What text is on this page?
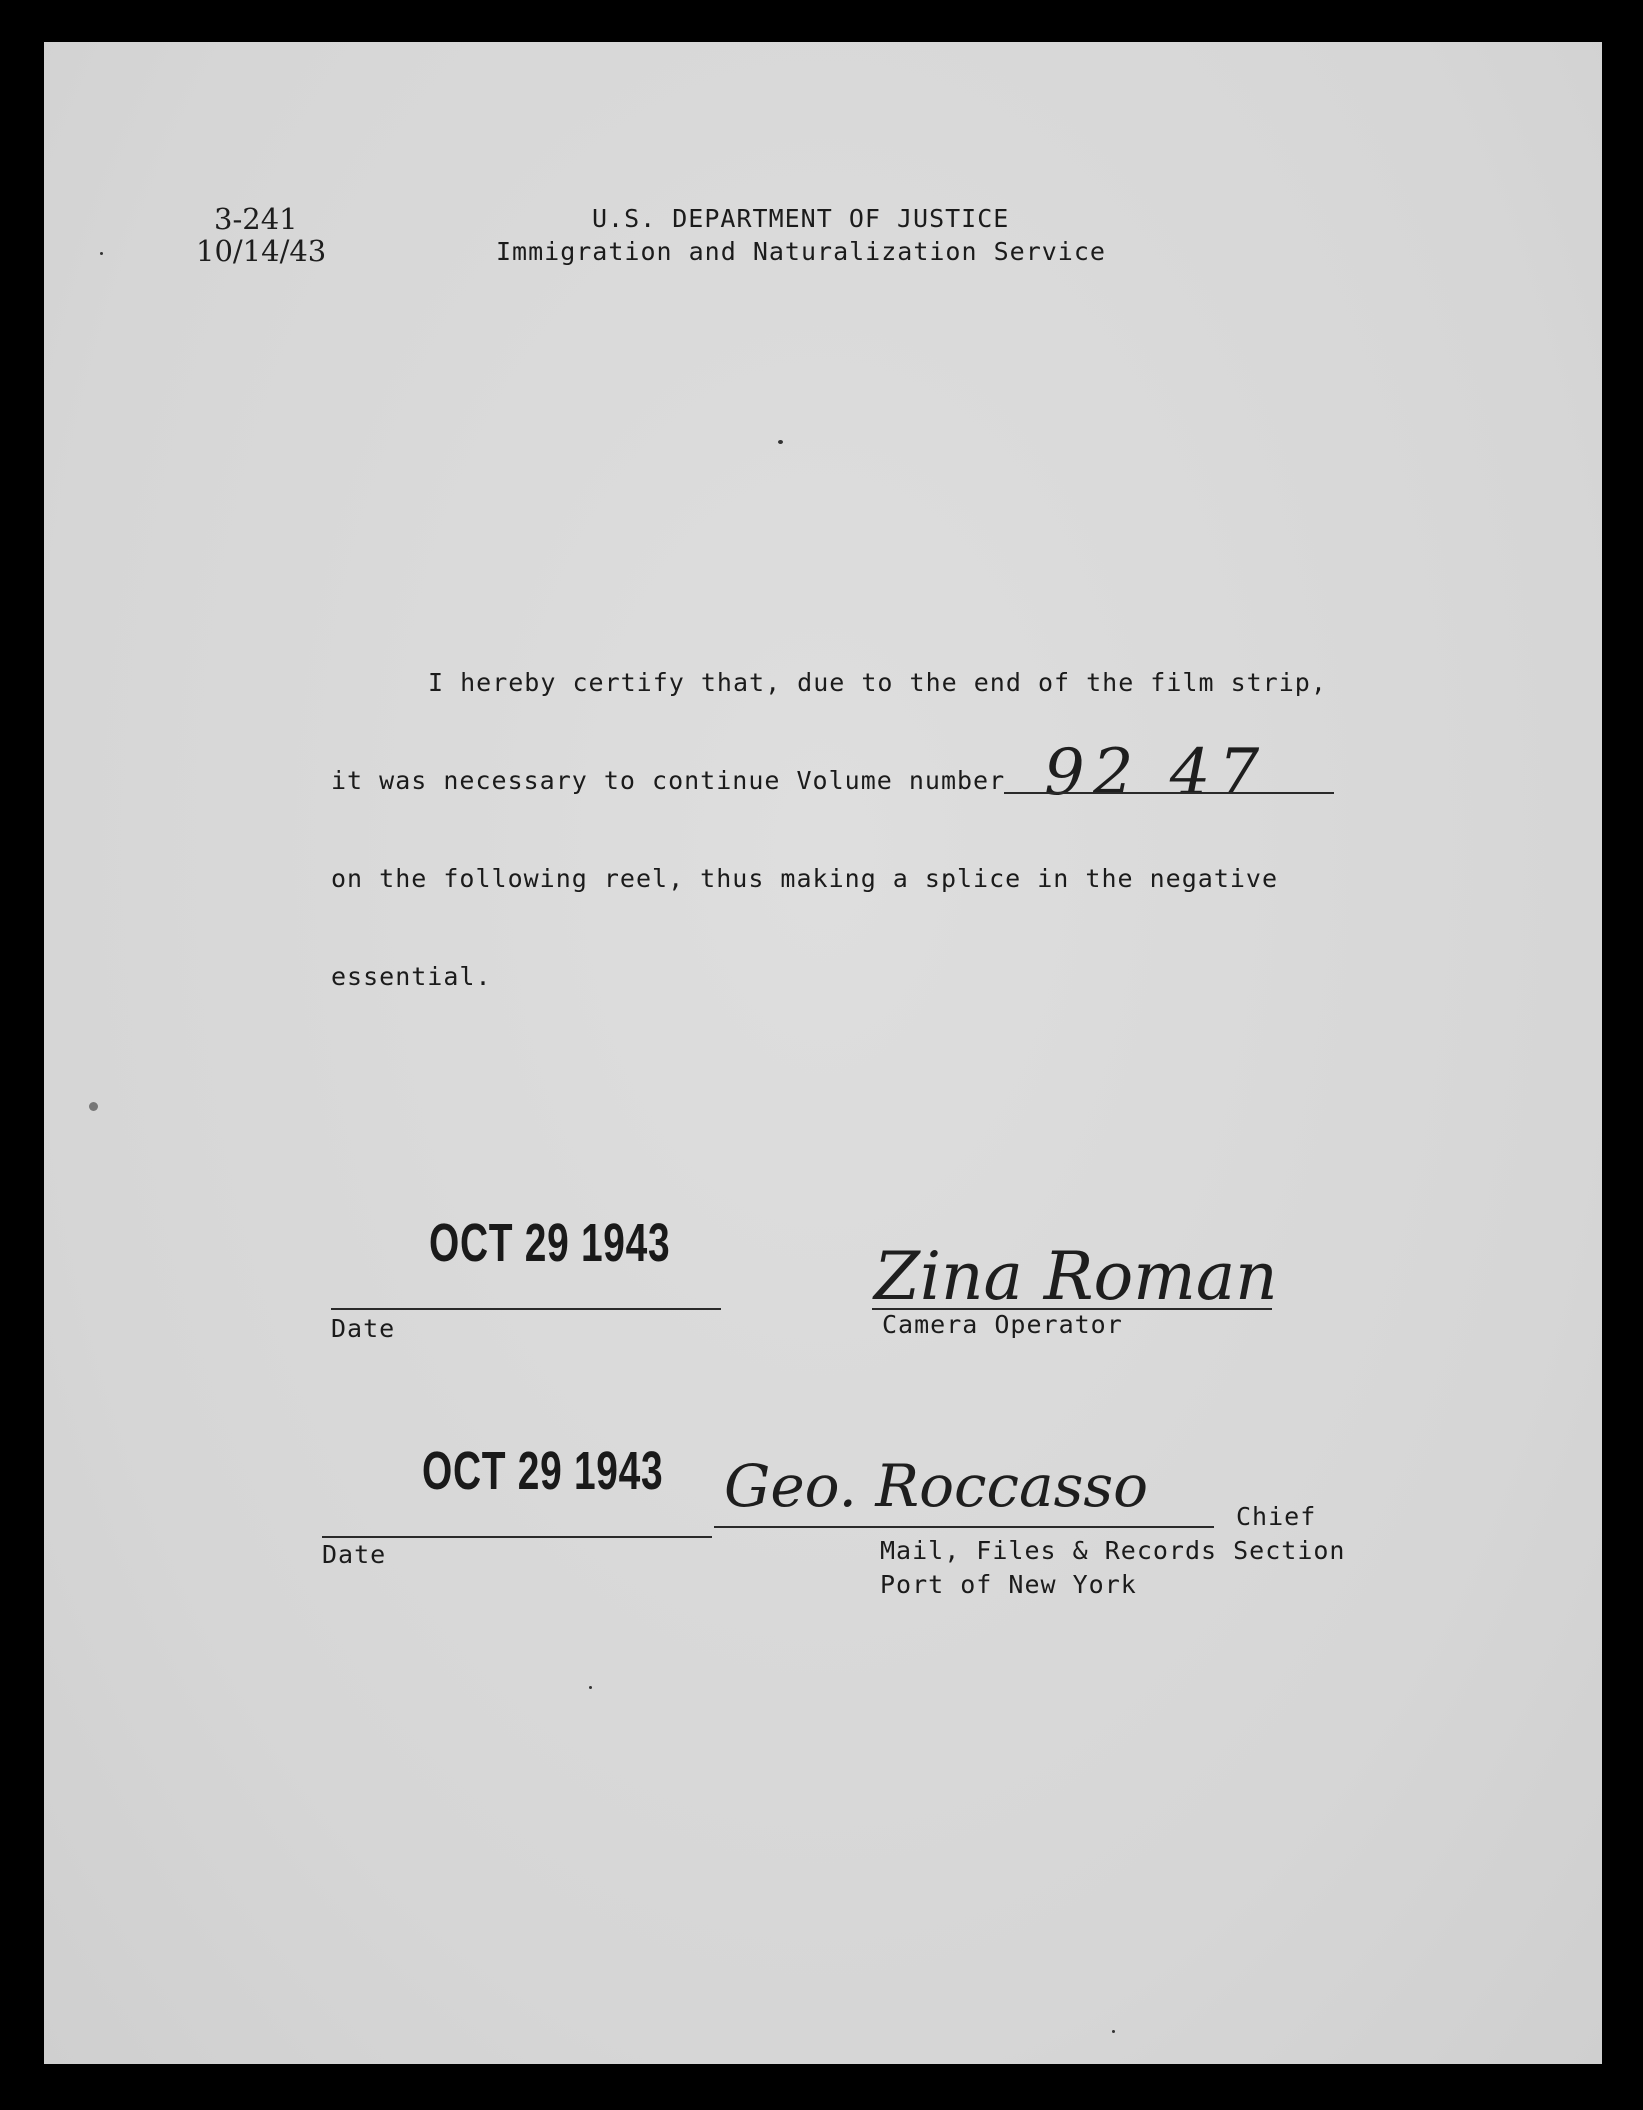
3-241
10/14/43
U.S. DEPARTMENT OF JUSTICE
Immigration and Naturalization Service
I hereby certify that, due to the end of the film strip,
it was necessary to continue Volume number 92 47
on the following reel, thus making a splice in the negative
essential.
OCT 29 1943
Date
Zina Roman
Camera Operator
OCT 29 1943
Date
Geo. Roccasso	Chief
Mail, Files & Records Section
Port of New York
